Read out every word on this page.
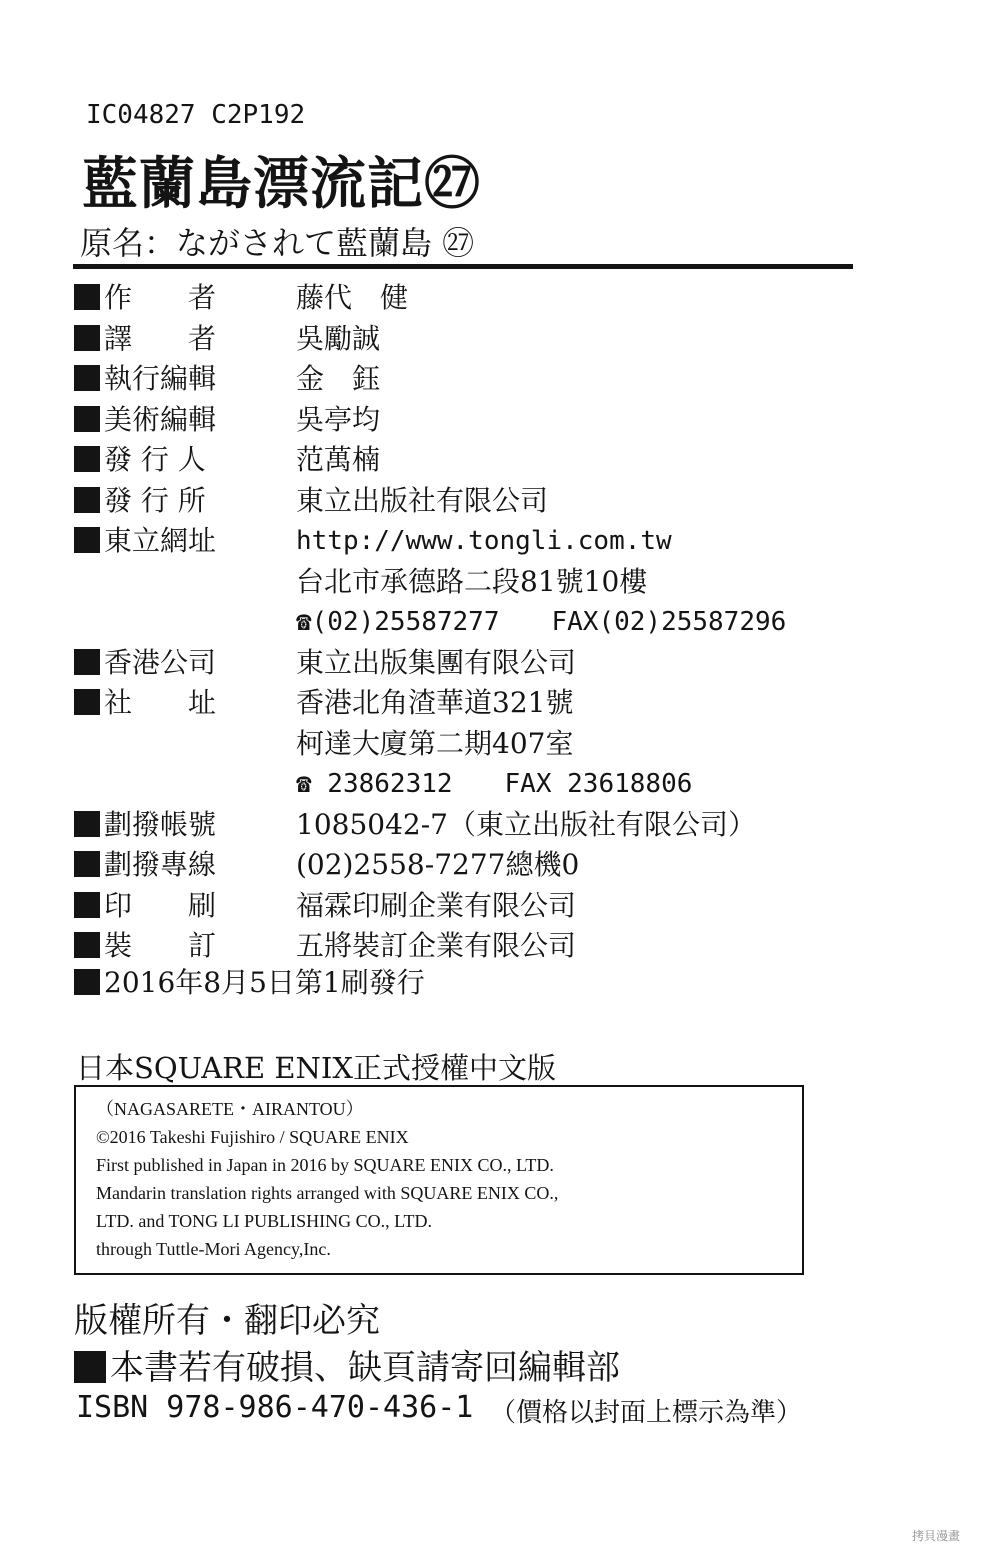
IC04827 C2P192
藍蘭島漂流記㉗
原名：ながされて藍蘭島 ㉗
作　　者	藤代　健
譯　　者	吳勵誠
執行編輯	金　鈺
美術編輯	吳亭均
發 行 人	范萬楠
發 行 所	東立出版社有限公司
東立網址	http://www.tongli.com.tw
台北市承德路二段81號10樓
☎(02)25587277　　FAX(02)25587296
香港公司	東立出版集團有限公司
社　　址	香港北角渣華道321號
柯達大廈第二期407室
☎ 23862312　　FAX 23618806
劃撥帳號	1085042-7（東立出版社有限公司）
劃撥專線	(02)2558-7277總機0
印　　刷	福霖印刷企業有限公司
裝　　訂	五將裝訂企業有限公司
2016年8月5日第1刷發行
日本SQUARE ENIX正式授權中文版
（NAGASARETE・AIRANTOU）
©2016 Takeshi Fujishiro / SQUARE ENIX
First published in Japan in 2016 by SQUARE ENIX CO., LTD.
Mandarin translation rights arranged with SQUARE ENIX CO.,
LTD. and TONG LI PUBLISHING CO., LTD.
through Tuttle-Mori Agency,Inc.
版權所有・翻印必究
本書若有破損、缺頁請寄回編輯部
ISBN 978-986-470-436-1 （價格以封面上標示為準）
拷貝漫畫
